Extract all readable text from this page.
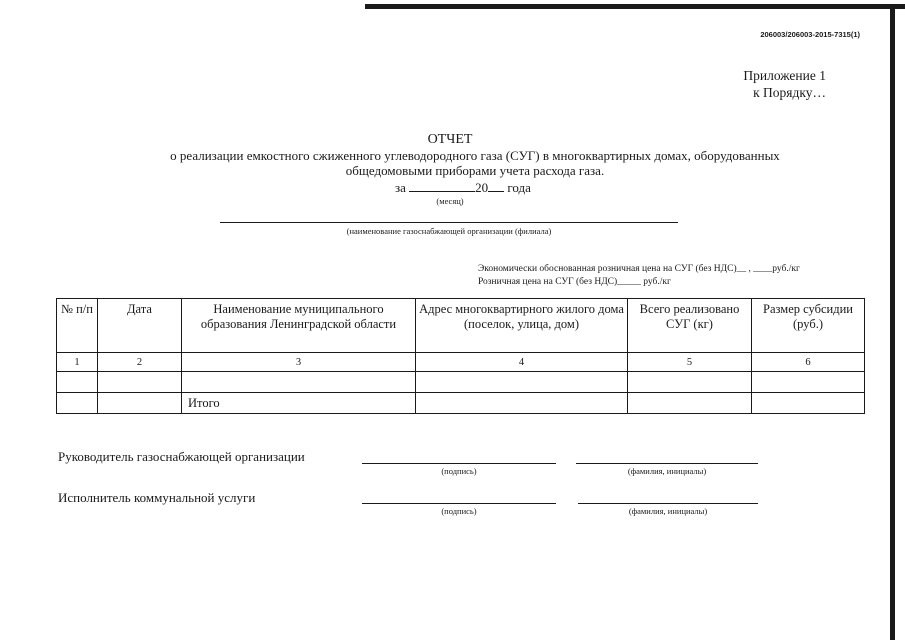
206003/206003-2015-7315(1)
Приложение 1
к Порядку…
ОТЧЕТ
о реализации емкостного сжиженного углеводородного газа (СУГ) в многоквартирных домах, оборудованных
общедомовыми приборами учета расхода газа.
за	20 года
(месяц)
(наименование газоснабжающей организации (филиала)
Экономически обоснованная розничная цена на СУГ (без НДС)__ , ____руб./кг
Розничная цена на СУГ (без НДС)_____ руб./кг
№ п/п	Дата	Наименование муниципального образования Ленинградской области	Адрес многоквартирного жилого дома (поселок, улица, дом)	Всего реализовано СУГ (кг)	Размер субсидии (руб.)
1	2	3	4	5	6

		Итого			
Руководитель газоснабжающей организации
(подпись)	(фамилия, инициалы)
Исполнитель коммунальной услуги
(подпись)	(фамилия, инициалы)
